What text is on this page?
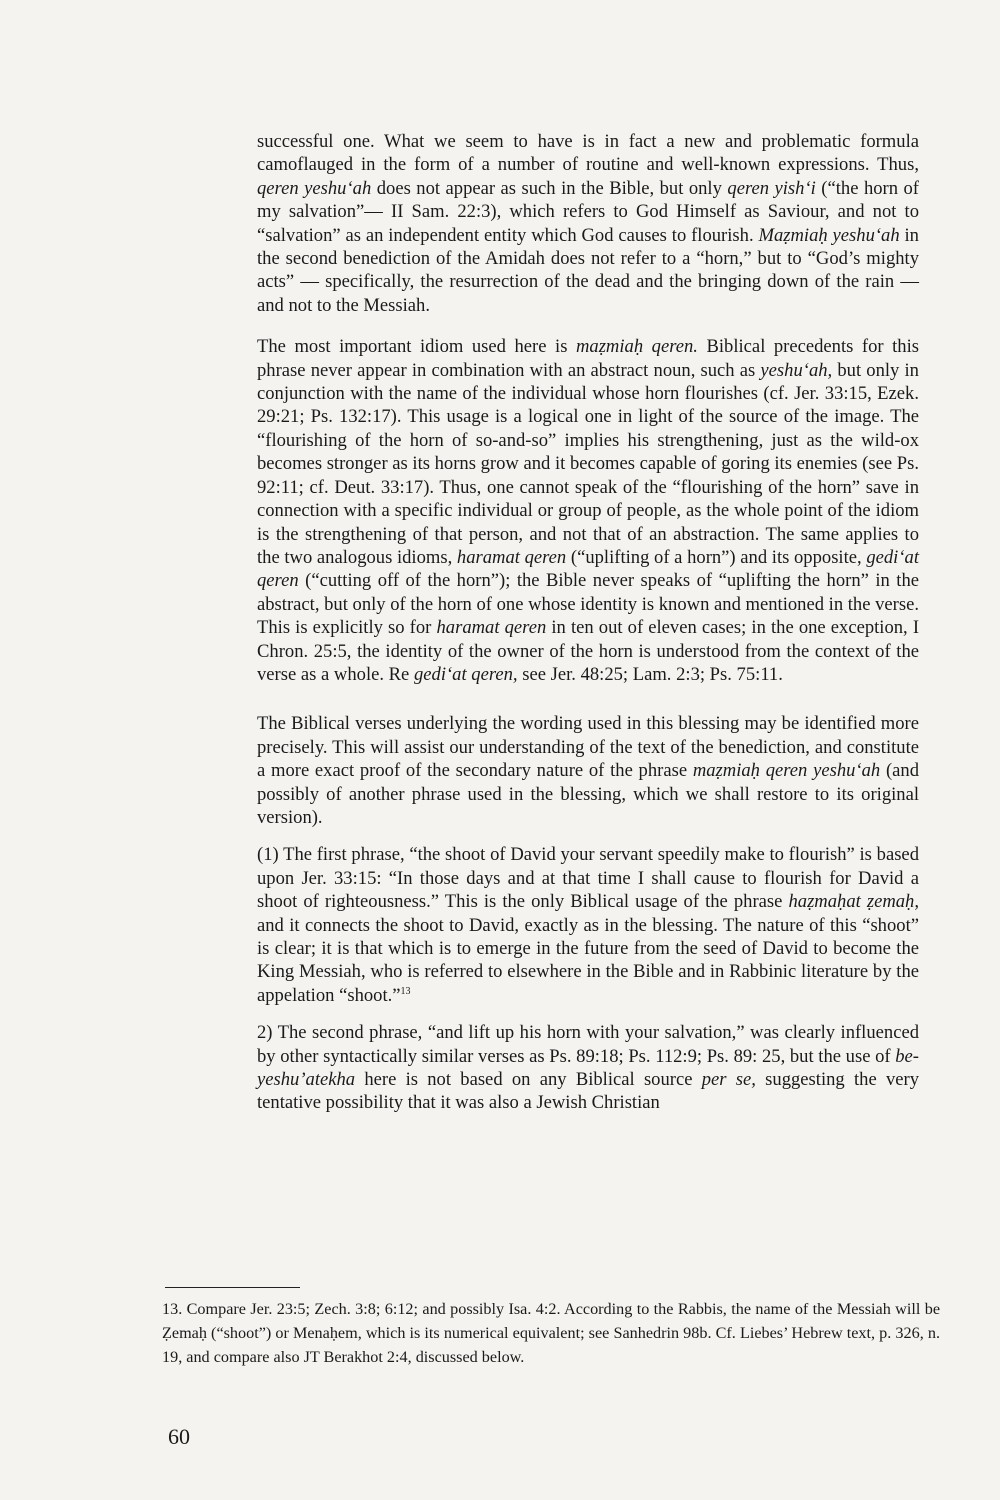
successful one. What we seem to have is in fact a new and problematic formula camoflauged in the form of a number of routine and well-known expressions. Thus, qeren yeshu‘ah does not appear as such in the Bible, but only qeren yish‘i (“the horn of my salvation”— II Sam. 22:3), which refers to God Himself as Saviour, and not to “salvation” as an independent entity which God causes to flourish. Maẓmiaḥ yeshu‘ah in the second benediction of the Amidah does not refer to a “horn,” but to “God’s mighty acts” — specifically, the resurrection of the dead and the bringing down of the rain — and not to the Messiah.

The most important idiom used here is maẓmiaḥ qeren. Biblical precedents for this phrase never appear in combination with an abstract noun, such as yeshu‘ah, but only in conjunction with the name of the individual whose horn flourishes (cf. Jer. 33:15, Ezek. 29:21; Ps. 132:17). This usage is a logical one in light of the source of the image. The “flourishing of the horn of so-and-so” implies his strengthening, just as the wild-ox becomes stronger as its horns grow and it becomes capable of goring its enemies (see Ps. 92:11; cf. Deut. 33:17). Thus, one cannot speak of the “flourishing of the horn” save in connection with a specific individual or group of people, as the whole point of the idiom is the strengthening of that person, and not that of an abstraction. The same applies to the two analogous idioms, haramat qeren (“uplifting of a horn”) and its opposite, gedi‘at qeren (“cutting off of the horn”); the Bible never speaks of “uplifting the horn” in the abstract, but only of the horn of one whose identity is known and mentioned in the verse. This is explicitly so for haramat qeren in ten out of eleven cases; in the one exception, I Chron. 25:5, the identity of the owner of the horn is understood from the context of the verse as a whole. Re gedi‘at qeren, see Jer. 48:25; Lam. 2:3; Ps. 75:11.

The Biblical verses underlying the wording used in this blessing may be identified more precisely. This will assist our understanding of the text of the benediction, and constitute a more exact proof of the secondary nature of the phrase maẓmiaḥ qeren yeshu‘ah (and possibly of another phrase used in the blessing, which we shall restore to its original version).

(1) The first phrase, “the shoot of David your servant speedily make to flourish” is based upon Jer. 33:15: “In those days and at that time I shall cause to flourish for David a shoot of righteousness.” This is the only Biblical usage of the phrase haẓmaḥat ẓemaḥ, and it connects the shoot to David, exactly as in the blessing. The nature of this “shoot” is clear; it is that which is to emerge in the future from the seed of David to become the King Messiah, who is referred to elsewhere in the Bible and in Rabbinic literature by the appelation “shoot.”$^{13}$

2) The second phrase, “and lift up his horn with your salvation,” was clearly influenced by other syntactically similar verses as Ps. 89:18; Ps. 112:9; Ps. 89: 25, but the use of be-yeshu’atekha here is not based on any Biblical source per se, suggesting the very tentative possibility that it was also a Jewish Christian

13. Compare Jer. 23:5; Zech. 3:8; 6:12; and possibly Isa. 4:2. According to the Rabbis, the name of the Messiah will be Ẓemaḥ (“shoot”) or Menaḥem, which is its numerical equivalent; see Sanhedrin 98b. Cf. Liebes’ Hebrew text, p. 326, n. 19, and compare also JT Berakhot 2:4, discussed below.

60
